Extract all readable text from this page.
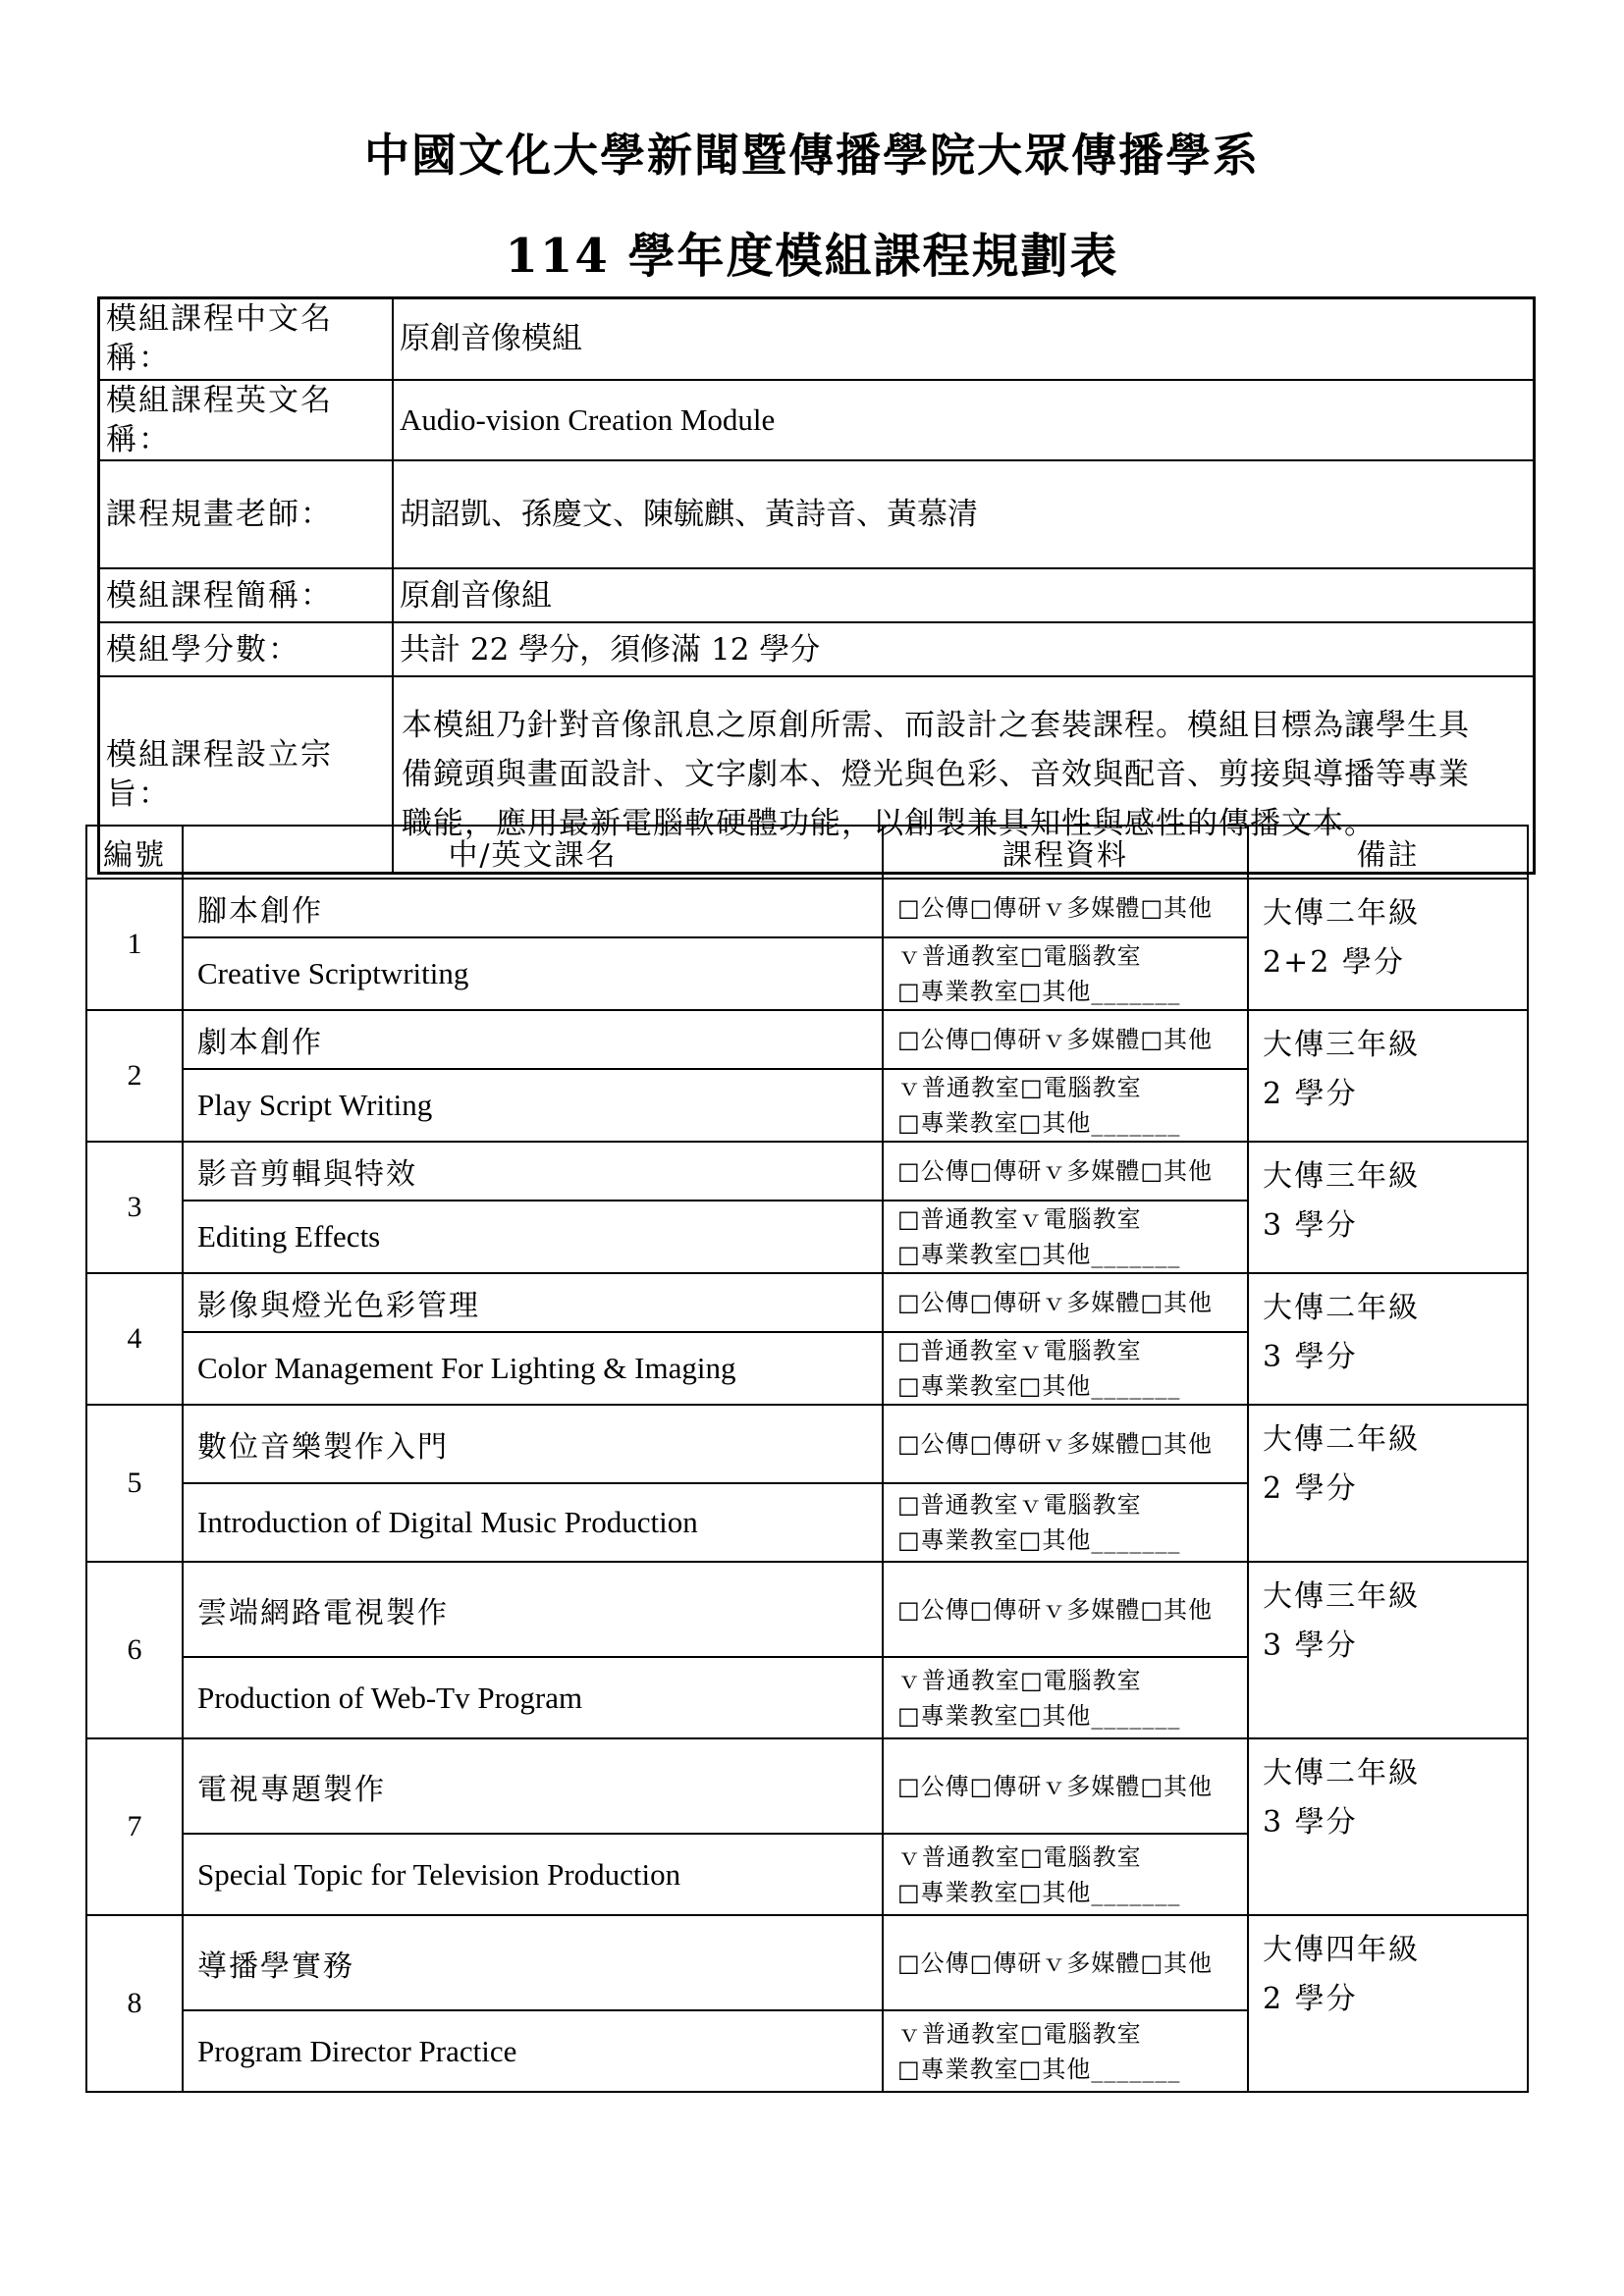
中國文化大學新聞暨傳播學院大眾傳播學系
114 學年度模組課程規劃表
模組課程中文名稱：	原創音像模組
模組課程英文名稱：	Audio-vision Creation Module
課程規畫老師：	胡詔凱、孫慶文、陳毓麒、黃詩音、黃慕清
模組課程簡稱：	原創音像組
模組學分數：	共計 22 學分，須修滿 12 學分
模組課程設立宗旨：	本模組乃針對音像訊息之原創所需、而設計之套裝課程。模組目標為讓學生具
備鏡頭與畫面設計、文字劇本、燈光與色彩、音效與配音、剪接與導播等專業
職能，應用最新電腦軟硬體功能，以創製兼具知性與感性的傳播文本。
編號	中/英文課名	課程資料	備註
1	腳本創作	□公傳□傳研ｖ多媒體□其他	大傳二年級
2+2 學分

	Creative Scriptwriting	ｖ普通教室□電腦教室
□專業教室□其他_______	

2	劇本創作	□公傳□傳研ｖ多媒體□其他	大傳三年級
2 學分

	Play Script Writing	ｖ普通教室□電腦教室
□專業教室□其他_______	

3	影音剪輯與特效	□公傳□傳研ｖ多媒體□其他	大傳三年級
3 學分

	Editing Effects	□普通教室ｖ電腦教室
□專業教室□其他_______	

4	影像與燈光色彩管理	□公傳□傳研ｖ多媒體□其他	大傳二年級
3 學分

	Color Management For Lighting & Imaging	□普通教室ｖ電腦教室
□專業教室□其他_______	

5	數位音樂製作入門	□公傳□傳研ｖ多媒體□其他	大傳二年級
2 學分

	Introduction of Digital Music Production	□普通教室ｖ電腦教室
□專業教室□其他_______	

6	雲端網路電視製作	□公傳□傳研ｖ多媒體□其他	大傳三年級
3 學分

	Production of Web-Tv Program	ｖ普通教室□電腦教室
□專業教室□其他_______	

7	電視專題製作	□公傳□傳研ｖ多媒體□其他	大傳二年級
3 學分

	Special Topic for Television Production	ｖ普通教室□電腦教室
□專業教室□其他_______	

8	導播學實務	□公傳□傳研ｖ多媒體□其他	大傳四年級
2 學分

	Program Director Practice	ｖ普通教室□電腦教室
□專業教室□其他_______	
